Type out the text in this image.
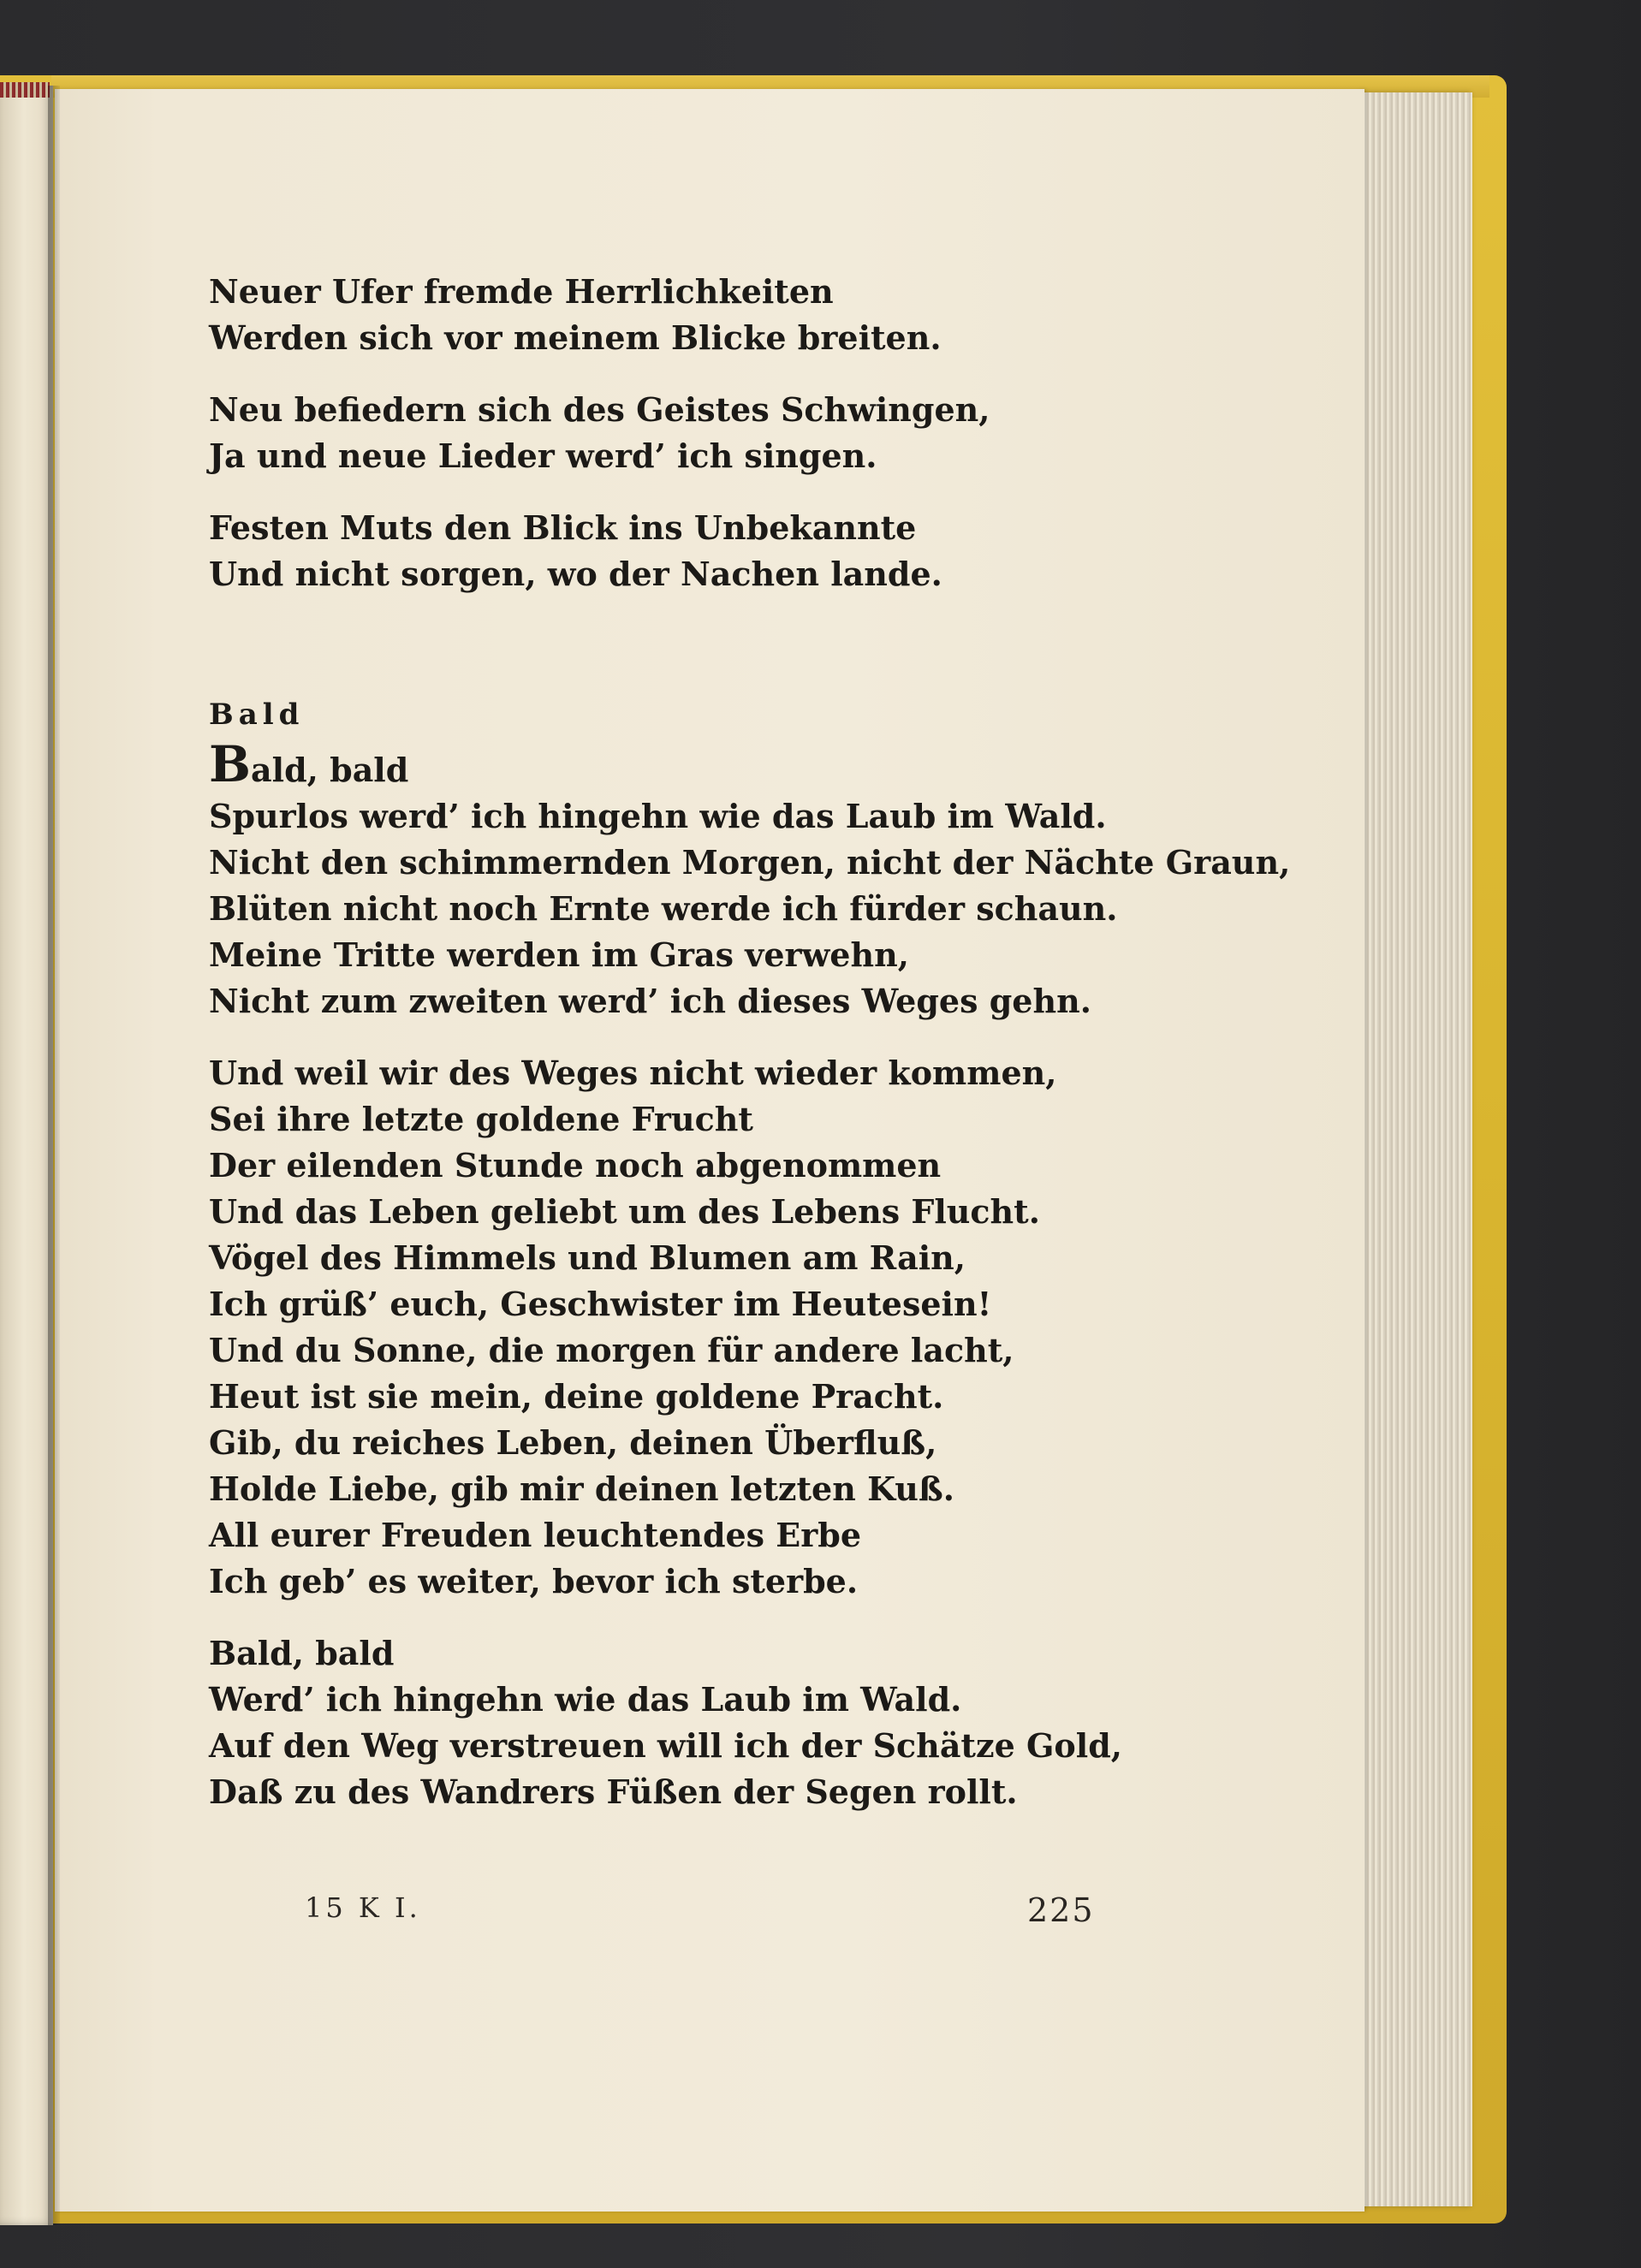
Neuer Ufer fremde Herrlichkeiten
Werden sich vor meinem Blicke breiten.
Neu befiedern sich des Geistes Schwingen,
Ja und neue Lieder werd’ ich singen.
Festen Muts den Blick ins Unbekannte
Und nicht sorgen, wo der Nachen lande.
Bald
Bald, bald
Spurlos werd’ ich hingehn wie das Laub im Wald.
Nicht den schimmernden Morgen, nicht der Nächte Graun,
Blüten nicht noch Ernte werde ich fürder schaun.
Meine Tritte werden im Gras verwehn,
Nicht zum zweiten werd’ ich dieses Weges gehn.
Und weil wir des Weges nicht wieder kommen,
Sei ihre letzte goldene Frucht
Der eilenden Stunde noch abgenommen
Und das Leben geliebt um des Lebens Flucht.
Vögel des Himmels und Blumen am Rain,
Ich grüß’ euch, Geschwister im Heutesein!
Und du Sonne, die morgen für andere lacht,
Heut ist sie mein, deine goldene Pracht.
Gib, du reiches Leben, deinen Überfluß,
Holde Liebe, gib mir deinen letzten Kuß.
All eurer Freuden leuchtendes Erbe
Ich geb’ es weiter, bevor ich sterbe.
Bald, bald
Werd’ ich hingehn wie das Laub im Wald.
Auf den Weg verstreuen will ich der Schätze Gold,
Daß zu des Wandrers Füßen der Segen rollt.
15 K I.	225
